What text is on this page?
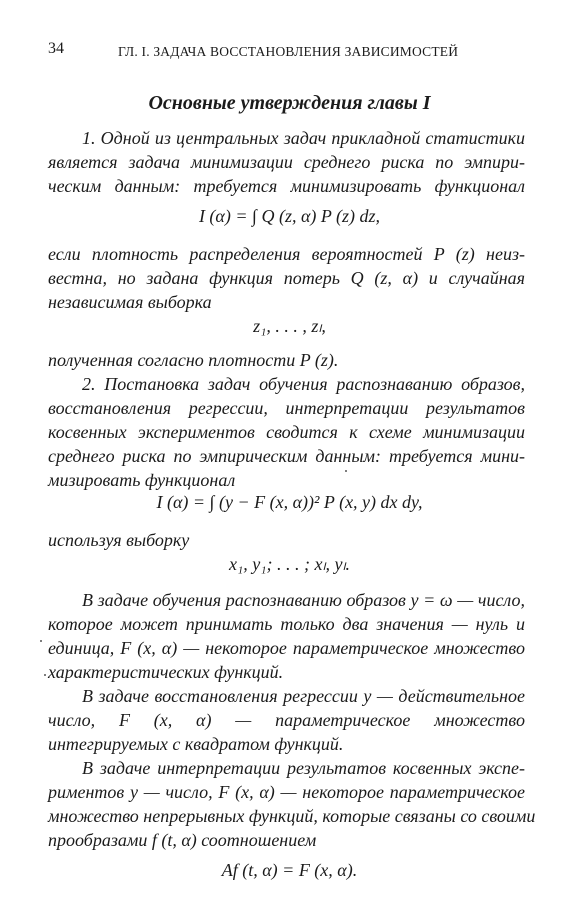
34	ГЛ. I. ЗАДАЧА ВОССТАНОВЛЕНИЯ ЗАВИСИМОСТЕЙ
Основные утверждения главы I
1. Одной из центральных задач прикладной статистики
является задача минимизации среднего риска по эмпири-
ческим данным: требуется минимизировать функционал
I (α) = ∫ Q (z, α) P (z) dz,
если плотность распределения вероятностей P (z) неиз-
вестна, но задана функция потерь Q (z, α) и случайная
независимая выборка
z₁, . . . , zₗ,
полученная согласно плотности P (z).
2. Постановка задач обучения распознаванию образов,
восстановления регрессии, интерпретации результатов
косвенных экспериментов сводится к схеме минимизации
среднего риска по эмпирическим данным: требуется мини-
мизировать функционал
I (α) = ∫ (y − F (x, α))² P (x, y) dx dy,
используя выборку
x₁, y₁; . . . ; xₗ, yₗ.
В задаче обучения распознаванию образов y = ω — число,
которое может принимать только два значения — нуль и
единица, F (x, α) — некоторое параметрическое множество
характеристических функций.
В задаче восстановления регрессии y — действительное
число, F (x, α) — параметрическое множество
интегрируемых с квадратом функций.
В задаче интерпретации результатов косвенных экспе-
риментов y — число, F (x, α) — некоторое параметрическое
множество непрерывных функций, которые связаны со своими
прообразами f (t, α) соотношением
Af (t, α) = F (x, α).
